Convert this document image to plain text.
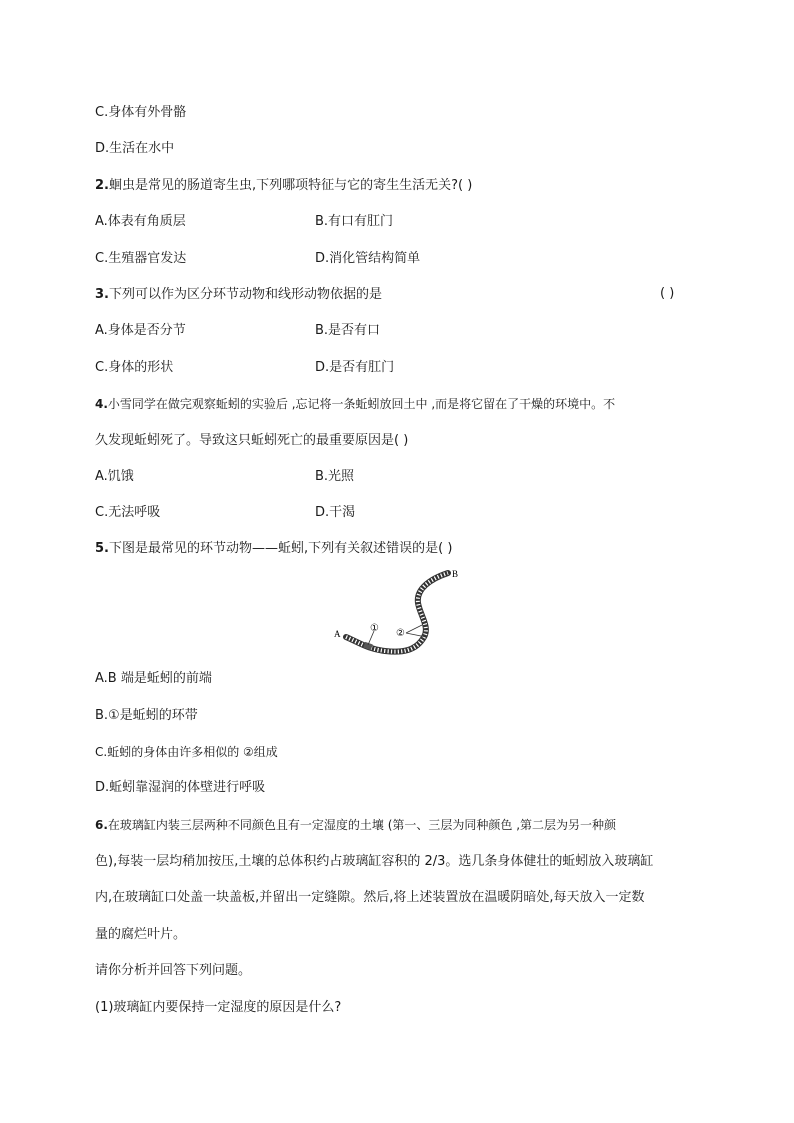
C.身体有外骨骼
D.生活在水中
2.蛔虫是常见的肠道寄生虫,下列哪项特征与它的寄生生活无关?( )
A.体表有角质层	B.有口有肛门
C.生殖器官发达	D.消化管结构简单
3.下列可以作为区分环节动物和线形动物依据的是	( )
A.身体是否分节	B.是否有口
C.身体的形状	D.是否有肛门
4.小雪同学在做完观察蚯蚓的实验后 ,忘记将一条蚯蚓放回土中 ,而是将它留在了干燥的环境中。不
久发现蚯蚓死了。导致这只蚯蚓死亡的最重要原因是( )
A.饥饿	B.光照
C.无法呼吸	D.干渴
5.下图是最常见的环节动物——蚯蚓,下列有关叙述错误的是( )
A
B
① ②
A.B 端是蚯蚓的前端
B.①是蚯蚓的环带
C.蚯蚓的身体由许多相似的 ②组成
D.蚯蚓靠湿润的体壁进行呼吸
6.在玻璃缸内装三层两种不同颜色且有一定湿度的土壤 (第一、三层为同种颜色 ,第二层为另一种颜
色),每装一层均稍加按压,土壤的总体积约占玻璃缸容积的 2/3。选几条身体健壮的蚯蚓放入玻璃缸
内,在玻璃缸口处盖一块盖板,并留出一定缝隙。然后,将上述装置放在温暖阴暗处,每天放入一定数
量的腐烂叶片。
请你分析并回答下列问题。
(1)玻璃缸内要保持一定湿度的原因是什么?
